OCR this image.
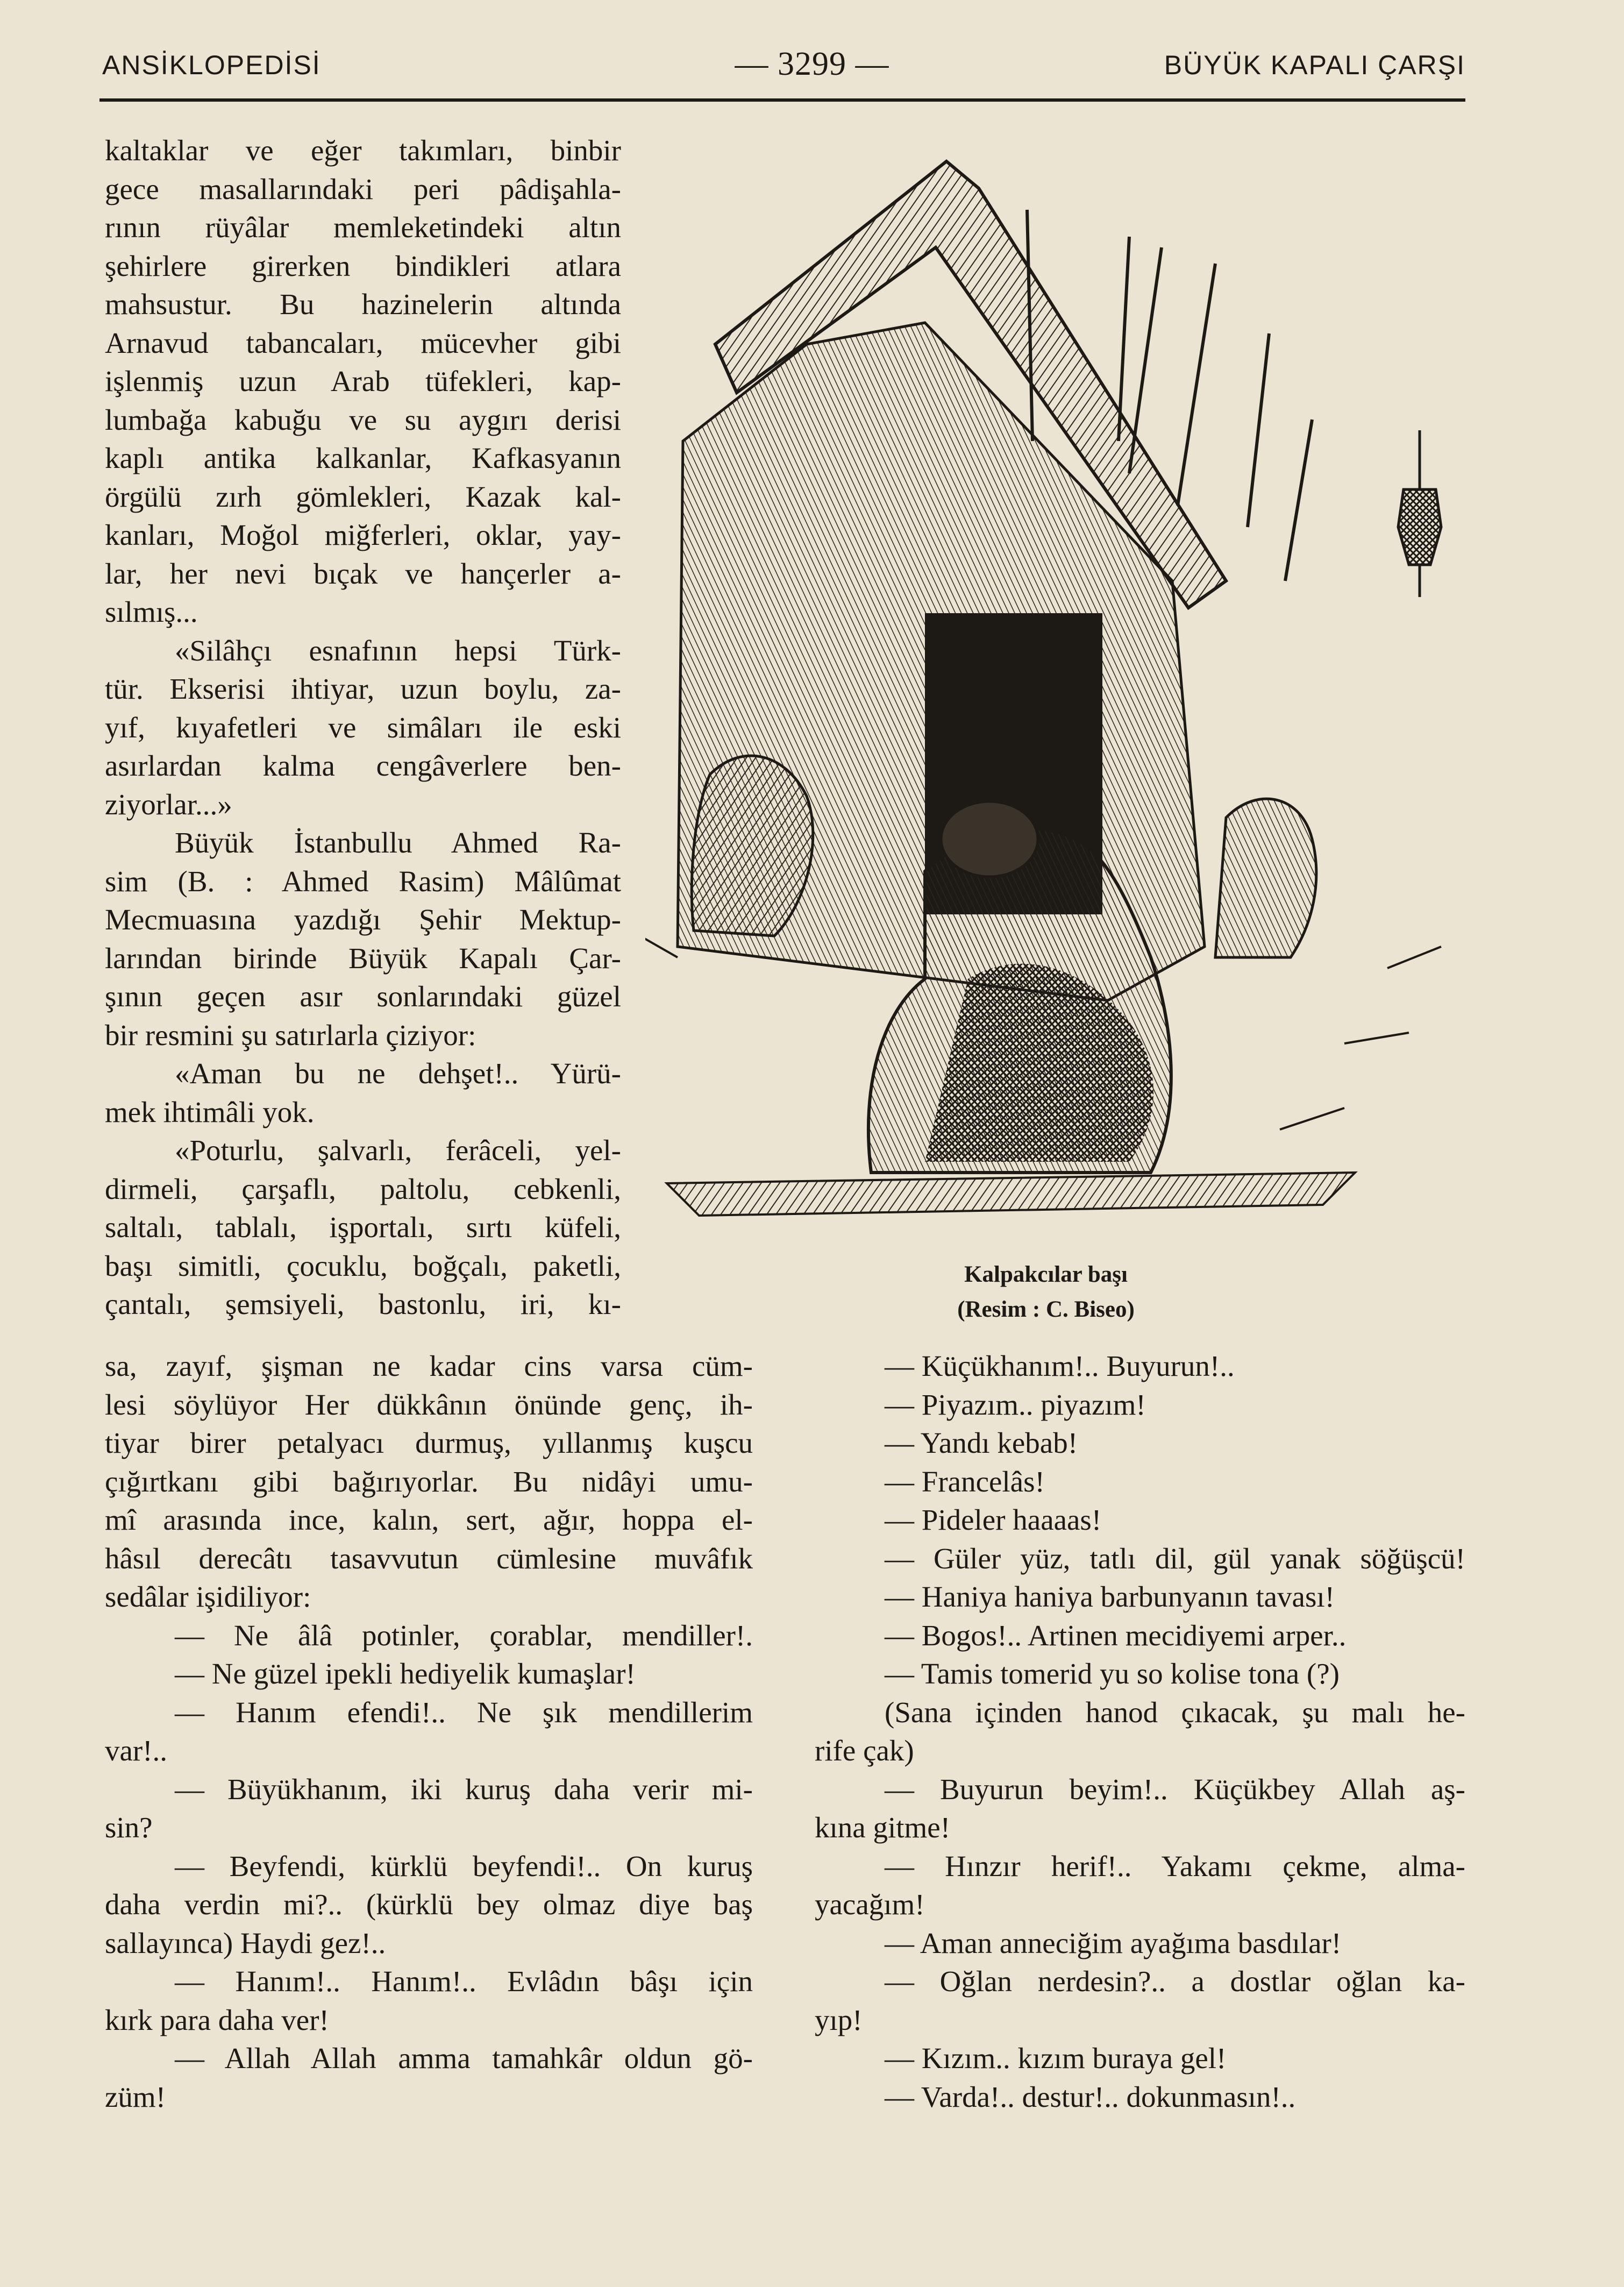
ANSİKLOPEDİSİ	— 3299 —	BÜYÜK KAPALI ÇARŞI
kaltaklar ve eğer takımları, binbir
gece masallarındaki peri pâdişahla-
rının rüyâlar memleketindeki altın
şehirlere girerken bindikleri atlara
mahsustur. Bu hazinelerin altında
Arnavud tabancaları, mücevher gibi
işlenmiş uzun Arab tüfekleri, kap-
lumbağa kabuğu ve su aygırı derisi
kaplı antika kalkanlar, Kafkasyanın
örgülü zırh gömlekleri, Kazak kal-
kanları, Moğol miğferleri, oklar, yay-
lar, her nevi bıçak ve hançerler a-
sılmış...
«Silâhçı esnafının hepsi Türk-
tür. Ekserisi ihtiyar, uzun boylu, za-
yıf, kıyafetleri ve simâları ile eski
asırlardan kalma cengâverlere ben-
ziyorlar...»
Büyük İstanbullu Ahmed Ra-
sim (B. : Ahmed Rasim) Mâlûmat
Mecmuasına yazdığı Şehir Mektup-
larından birinde Büyük Kapalı Çar-
şının geçen asır sonlarındaki güzel
bir resmini şu satırlarla çiziyor:
«Aman bu ne dehşet!.. Yürü-
mek ihtimâli yok.
«Poturlu, şalvarlı, ferâceli, yel-
dirmeli, çarşaflı, paltolu, cebkenli,
saltalı, tablalı, işportalı, sırtı küfeli,
başı simitli, çocuklu, boğçalı, paketli,
çantalı, şemsiyeli, bastonlu, iri, kı-
Kalpakcılar başı
(Resim : C. Biseo)
sa, zayıf, şişman ne kadar cins varsa cüm-
lesi söylüyor Her dükkânın önünde genç, ih-
tiyar birer petalyacı durmuş, yıllanmış kuşcu
çığırtkanı gibi bağırıyorlar. Bu nidâyi umu-
mî arasında ince, kalın, sert, ağır, hoppa el-
hâsıl derecâtı tasavvutun cümlesine muvâfık
sedâlar işidiliyor:
— Ne âlâ potinler, çorablar, mendiller!.
— Ne güzel ipekli hediyelik kumaşlar!
— Hanım efendi!.. Ne şık mendillerim
var!..
— Büyükhanım, iki kuruş daha verir mi-
sin?
— Beyfendi, kürklü beyfendi!.. On kuruş
daha verdin mi?.. (kürklü bey olmaz diye baş
sallayınca) Haydi gez!..
— Hanım!.. Hanım!.. Evlâdın bâşı için
kırk para daha ver!
— Allah Allah amma tamahkâr oldun gö-
züm!
— Küçükhanım!.. Buyurun!..
— Piyazım.. piyazım!
— Yandı kebab!
— Francelâs!
— Pideler haaaas!
— Güler yüz, tatlı dil, gül yanak söğüşcü!
— Haniya haniya barbunyanın tavası!
— Bogos!.. Artinen mecidiyemi arper..
— Tamis tomerid yu so kolise tona (?)
(Sana içinden hanod çıkacak, şu malı he-
rife çak)
— Buyurun beyim!.. Küçükbey Allah aş-
kına gitme!
— Hınzır herif!.. Yakamı çekme, alma-
yacağım!
— Aman anneciğim ayağıma basdılar!
— Oğlan nerdesin?.. a dostlar oğlan ka-
yıp!
— Kızım.. kızım buraya gel!
— Varda!.. destur!.. dokunmasın!..
